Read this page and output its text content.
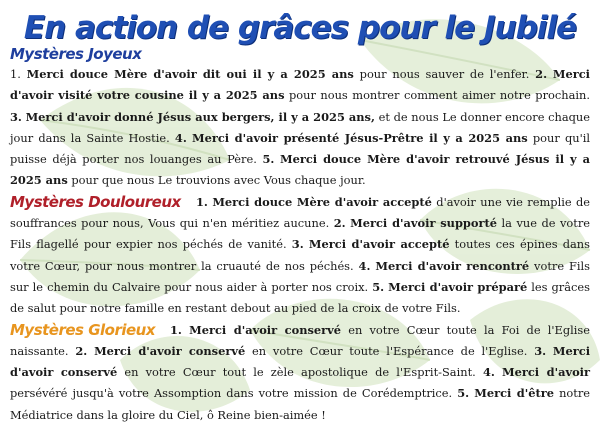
En action de grâces pour le Jubilé
Mystères Joyeux

1. Merci douce Mère d'avoir dit oui il y a 2025 ans pour nous sauver de l'enfer. 2. Merci d'avoir visité votre cousine il y a 2025 ans pour nous montrer comment aimer notre prochain. 3. Merci d'avoir donné Jésus aux bergers, il y a 2025 ans, et de nous Le donner encore chaque jour dans la Sainte Hostie. 4. Merci d'avoir présenté Jésus-Prêtre il y a 2025 ans pour qu'il puisse déjà porter nos louanges au Père. 5. Merci douce Mère d'avoir retrouvé Jésus il y a 2025 ans pour que nous Le trouvions avec Vous chaque jour.

Mystères Douloureux	1. Merci douce Mère d'avoir accepté d'avoir une vie remplie de souffrances pour nous, Vous qui n'en méritiez aucune. 2. Merci d'avoir supporté la vue de votre Fils flagellé pour expier nos péchés de vanité. 3. Merci d'avoir accepté toutes ces épines dans votre Cœur, pour nous montrer la cruauté de nos péchés. 4. Merci d'avoir rencontré votre Fils sur le chemin du Calvaire pour nous aider à porter nos croix. 5. Merci d'avoir préparé les grâces de salut pour notre famille en restant debout au pied de la croix de votre Fils.

Mystères Glorieux	1. Merci d'avoir conservé en votre Cœur toute la Foi de l'Eglise naissante. 2. Merci d'avoir conservé en votre Cœur toute l'Espérance de l'Eglise. 3. Merci d'avoir conservé en votre Cœur tout le zèle apostolique de l'Esprit-Saint. 4. Merci d'avoir persévéré jusqu'à votre Assomption dans votre mission de Corédemptrice. 5. Merci d'être notre Médiatrice dans la gloire du Ciel, ô Reine bien-aimée !
